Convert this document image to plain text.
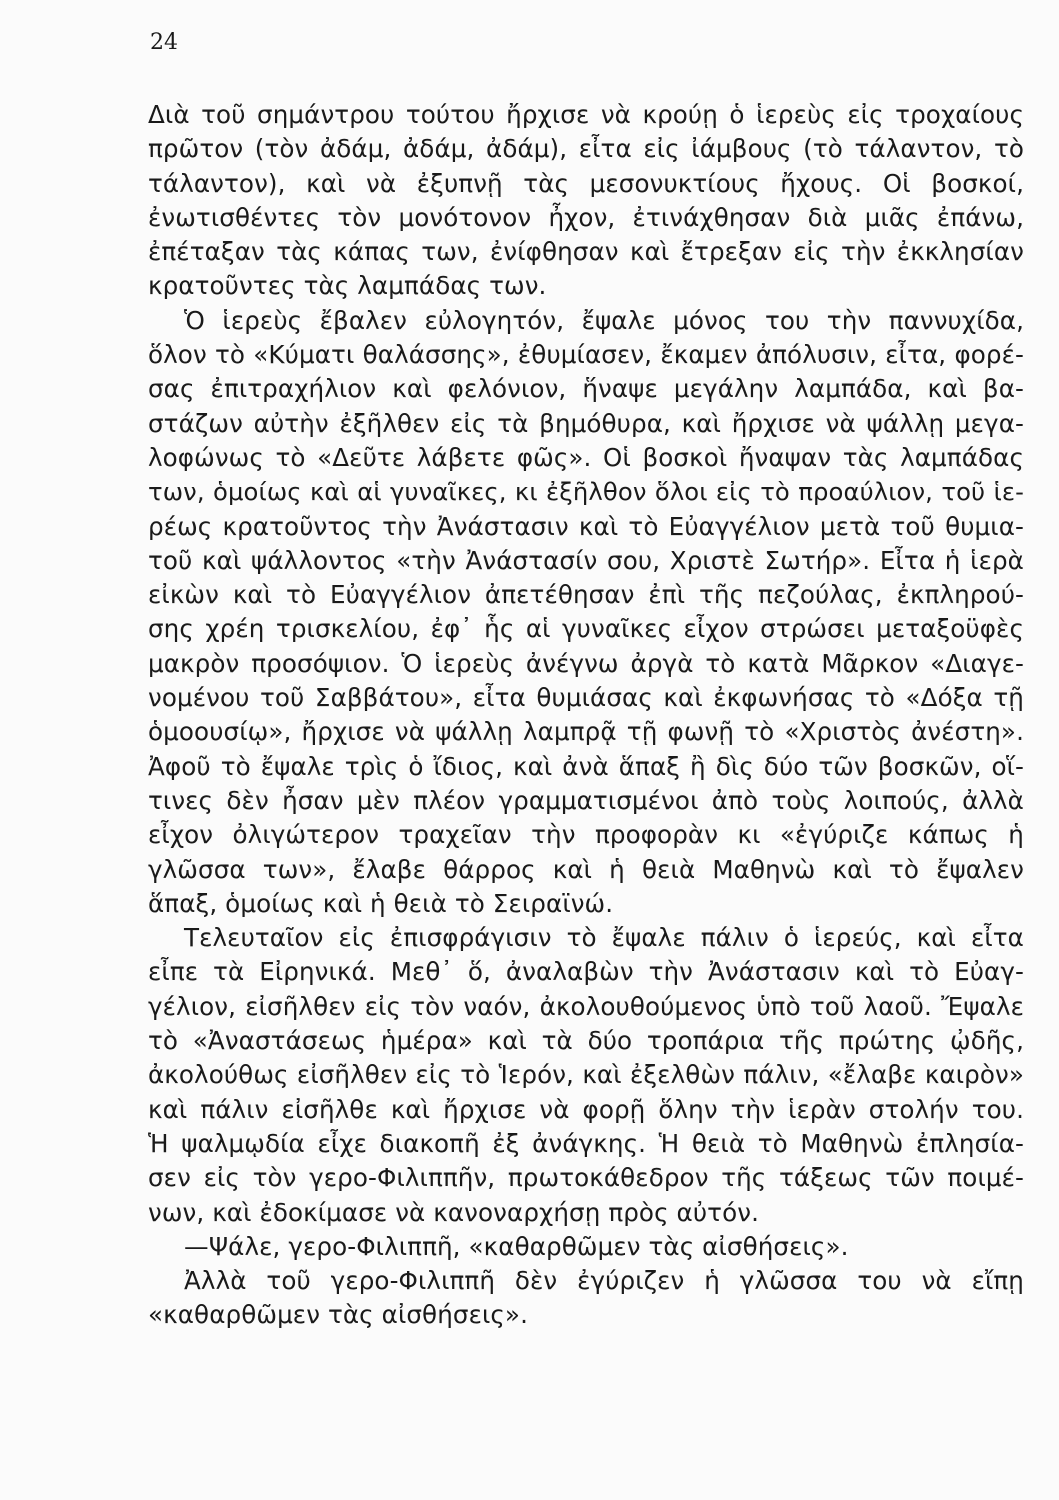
24
Διὰ τοῦ σημάντρου τούτου ἤρχισε νὰ κρούῃ ὁ ἱερεὺς εἰς τροχαίους
πρῶτον (τὸν ἀδάμ, ἀδάμ, ἀδάμ), εἶτα εἰς ἰάμβους (τὸ τάλαντον, τὸ
τάλαντον), καὶ νὰ ἐξυπνῇ τὰς μεσονυκτίους ἤχους. Οἱ βοσκοί,
ἐνωτισθέντες τὸν μονότονον ἦχον, ἐτινάχθησαν διὰ μιᾶς ἐπάνω,
ἐπέταξαν τὰς κάπας των, ἐνίφθησαν καὶ ἔτρεξαν εἰς τὴν ἐκκλησίαν
κρατοῦντες τὰς λαμπάδας των.
Ὁ ἱερεὺς ἔβαλεν εὐλογητόν, ἔψαλε μόνος του τὴν παννυχίδα,
ὅλον τὸ «Κύματι θαλάσσης», ἐθυμίασεν, ἔκαμεν ἀπόλυσιν, εἶτα, φορέ-
σας ἐπιτραχήλιον καὶ φελόνιον, ἥναψε μεγάλην λαμπάδα, καὶ βα-
στάζων αὐτὴν ἐξῆλθεν εἰς τὰ βημόθυρα, καὶ ἤρχισε νὰ ψάλλῃ μεγα-
λοφώνως τὸ «Δεῦτε λάβετε φῶς». Οἱ βοσκοὶ ἤναψαν τὰς λαμπάδας
των, ὁμοίως καὶ αἱ γυναῖκες, κι ἐξῆλθον ὅλοι εἰς τὸ προαύλιον, τοῦ ἱε-
ρέως κρατοῦντος τὴν Ἀνάστασιν καὶ τὸ Εὐαγγέλιον μετὰ τοῦ θυμια-
τοῦ καὶ ψάλλοντος «τὴν Ἀνάστασίν σου, Χριστὲ Σωτήρ». Εἶτα ἡ ἱερὰ
εἰκὼν καὶ τὸ Εὐαγγέλιον ἀπετέθησαν ἐπὶ τῆς πεζούλας, ἐκπληρού-
σης χρέη τρισκελίου, ἐφ᾽ ἧς αἱ γυναῖκες εἶχον στρώσει μεταξοϋφὲς
μακρὸν προσόψιον. Ὁ ἱερεὺς ἀνέγνω ἀργὰ τὸ κατὰ Μᾶρκον «Διαγε-
νομένου τοῦ Σαββάτου», εἶτα θυμιάσας καὶ ἐκφωνήσας τὸ «Δόξα τῇ
ὁμοουσίῳ», ἤρχισε νὰ ψάλλῃ λαμπρᾷ τῇ φωνῇ τὸ «Χριστὸς ἀνέστη».
Ἀφοῦ τὸ ἔψαλε τρὶς ὁ ἴδιος, καὶ ἀνὰ ἅπαξ ἢ δὶς δύο τῶν βοσκῶν, οἵ-
τινες δὲν ἦσαν μὲν πλέον γραμματισμένοι ἀπὸ τοὺς λοιπούς, ἀλλὰ
εἶχον ὀλιγώτερον τραχεῖαν τὴν προφορὰν κι «ἐγύριζε κάπως ἡ
γλῶσσα των», ἔλαβε θάρρος καὶ ἡ θειὰ Μαθηνὼ καὶ τὸ ἔψαλεν
ἅπαξ, ὁμοίως καὶ ἡ θειὰ τὸ Σειραϊνώ.
Τελευταῖον εἰς ἐπισφράγισιν τὸ ἔψαλε πάλιν ὁ ἱερεύς, καὶ εἶτα
εἶπε τὰ Εἰρηνικά. Μεθ᾽ ὅ, ἀναλαβὼν τὴν Ἀνάστασιν καὶ τὸ Εὐαγ-
γέλιον, εἰσῆλθεν εἰς τὸν ναόν, ἀκολουθούμενος ὑπὸ τοῦ λαοῦ. Ἔψαλε
τὸ «Ἀναστάσεως ἡμέρα» καὶ τὰ δύο τροπάρια τῆς πρώτης ᾠδῆς,
ἀκολούθως εἰσῆλθεν εἰς τὸ Ἱερόν, καὶ ἐξελθὼν πάλιν, «ἔλαβε καιρὸν»
καὶ πάλιν εἰσῆλθε καὶ ἤρχισε νὰ φορῇ ὅλην τὴν ἱερὰν στολήν του.
Ἡ ψαλμῳδία εἶχε διακοπῆ ἐξ ἀνάγκης. Ἡ θειὰ τὸ Μαθηνὼ ἐπλησία-
σεν εἰς τὸν γερο-Φιλιππῆν, πρωτοκάθεδρον τῆς τάξεως τῶν ποιμέ-
νων, καὶ ἐδοκίμασε νὰ κανοναρχήσῃ πρὸς αὐτόν.
—Ψάλε, γερο-Φιλιππῆ, «καθαρθῶμεν τὰς αἰσθήσεις».
Ἀλλὰ τοῦ γερο-Φιλιππῆ δὲν ἐγύριζεν ἡ γλῶσσα του νὰ εἴπῃ
«καθαρθῶμεν τὰς αἰσθήσεις».
